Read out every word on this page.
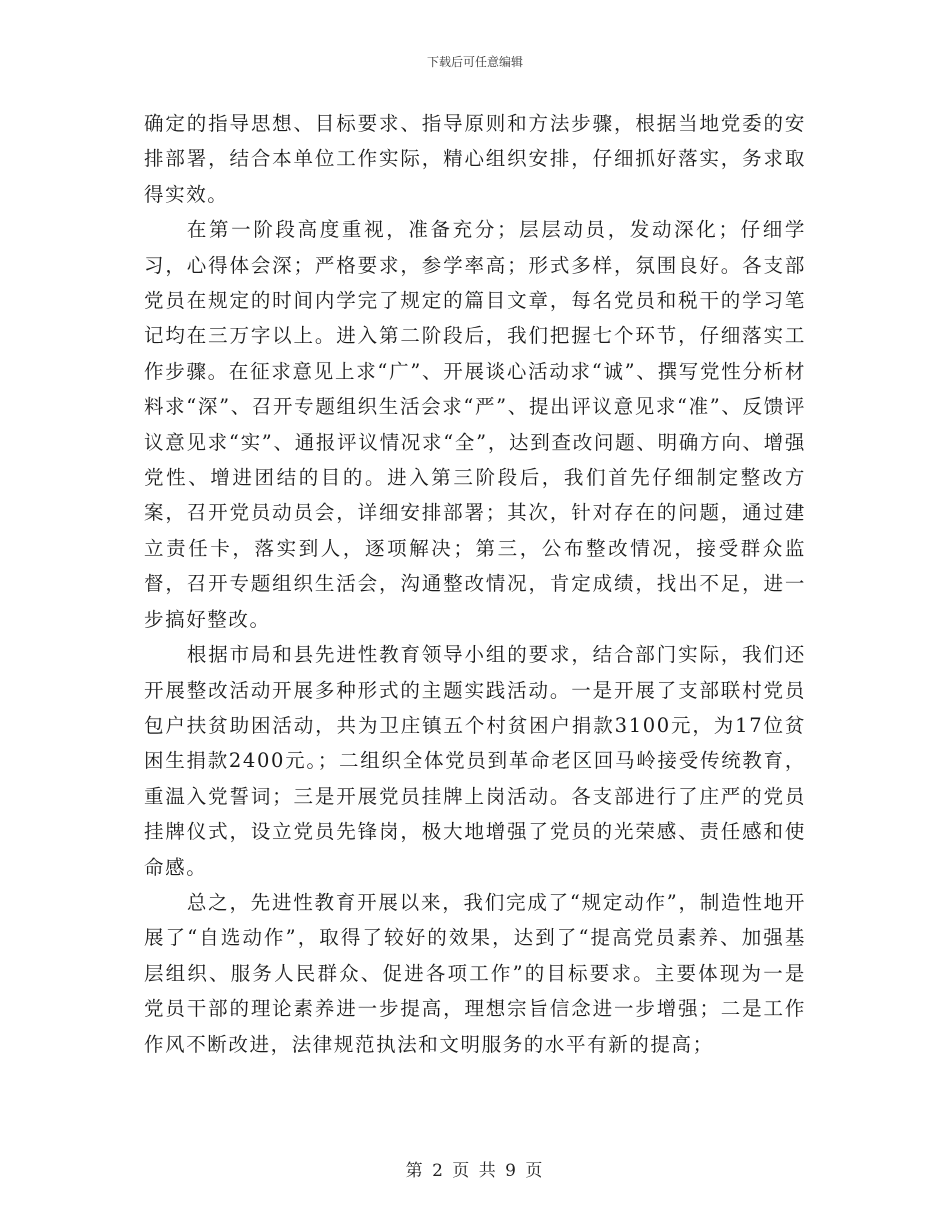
下载后可任意编辑

确定的指导思想、目标要求、指导原则和方法步骤，根据当地党委的安排部署，结合本单位工作实际，精心组织安排，仔细抓好落实，务求取得实效。

在第一阶段高度重视，准备充分；层层动员，发动深化；仔细学习，心得体会深；严格要求，参学率高；形式多样，氛围良好。各支部党员在规定的时间内学完了规定的篇目文章，每名党员和税干的学习笔记均在三万字以上。进入第二阶段后，我们把握七个环节，仔细落实工作步骤。在征求意见上求“广”、开展谈心活动求“诚”、撰写党性分析材料求“深”、召开专题组织生活会求“严”、提出评议意见求“准”、反馈评议意见求“实”、通报评议情况求“全”，达到查改问题、明确方向、增强党性、增进团结的目的。进入第三阶段后，我们首先仔细制定整改方案，召开党员动员会，详细安排部署；其次，针对存在的问题，通过建立责任卡，落实到人，逐项解决；第三，公布整改情况，接受群众监督，召开专题组织生活会，沟通整改情况，肯定成绩，找出不足，进一步搞好整改。

根据市局和县先进性教育领导小组的要求，结合部门实际，我们还开展整改活动开展多种形式的主题实践活动。一是开展了支部联村党员包户扶贫助困活动，共为卫庄镇五个村贫困户捐款3100元，为17位贫困生捐款2400元。；二组织全体党员到革命老区回马岭接受传统教育，重温入党誓词；三是开展党员挂牌上岗活动。各支部进行了庄严的党员挂牌仪式，设立党员先锋岗，极大地增强了党员的光荣感、责任感和使命感。

总之，先进性教育开展以来，我们完成了“规定动作”，制造性地开展了“自选动作”，取得了较好的效果，达到了“提高党员素养、加强基层组织、服务人民群众、促进各项工作”的目标要求。主要体现为一是党员干部的理论素养进一步提高，理想宗旨信念进一步增强；二是工作作风不断改进，法律规范执法和文明服务的水平有新的提高；

第 2 页 共 9 页
